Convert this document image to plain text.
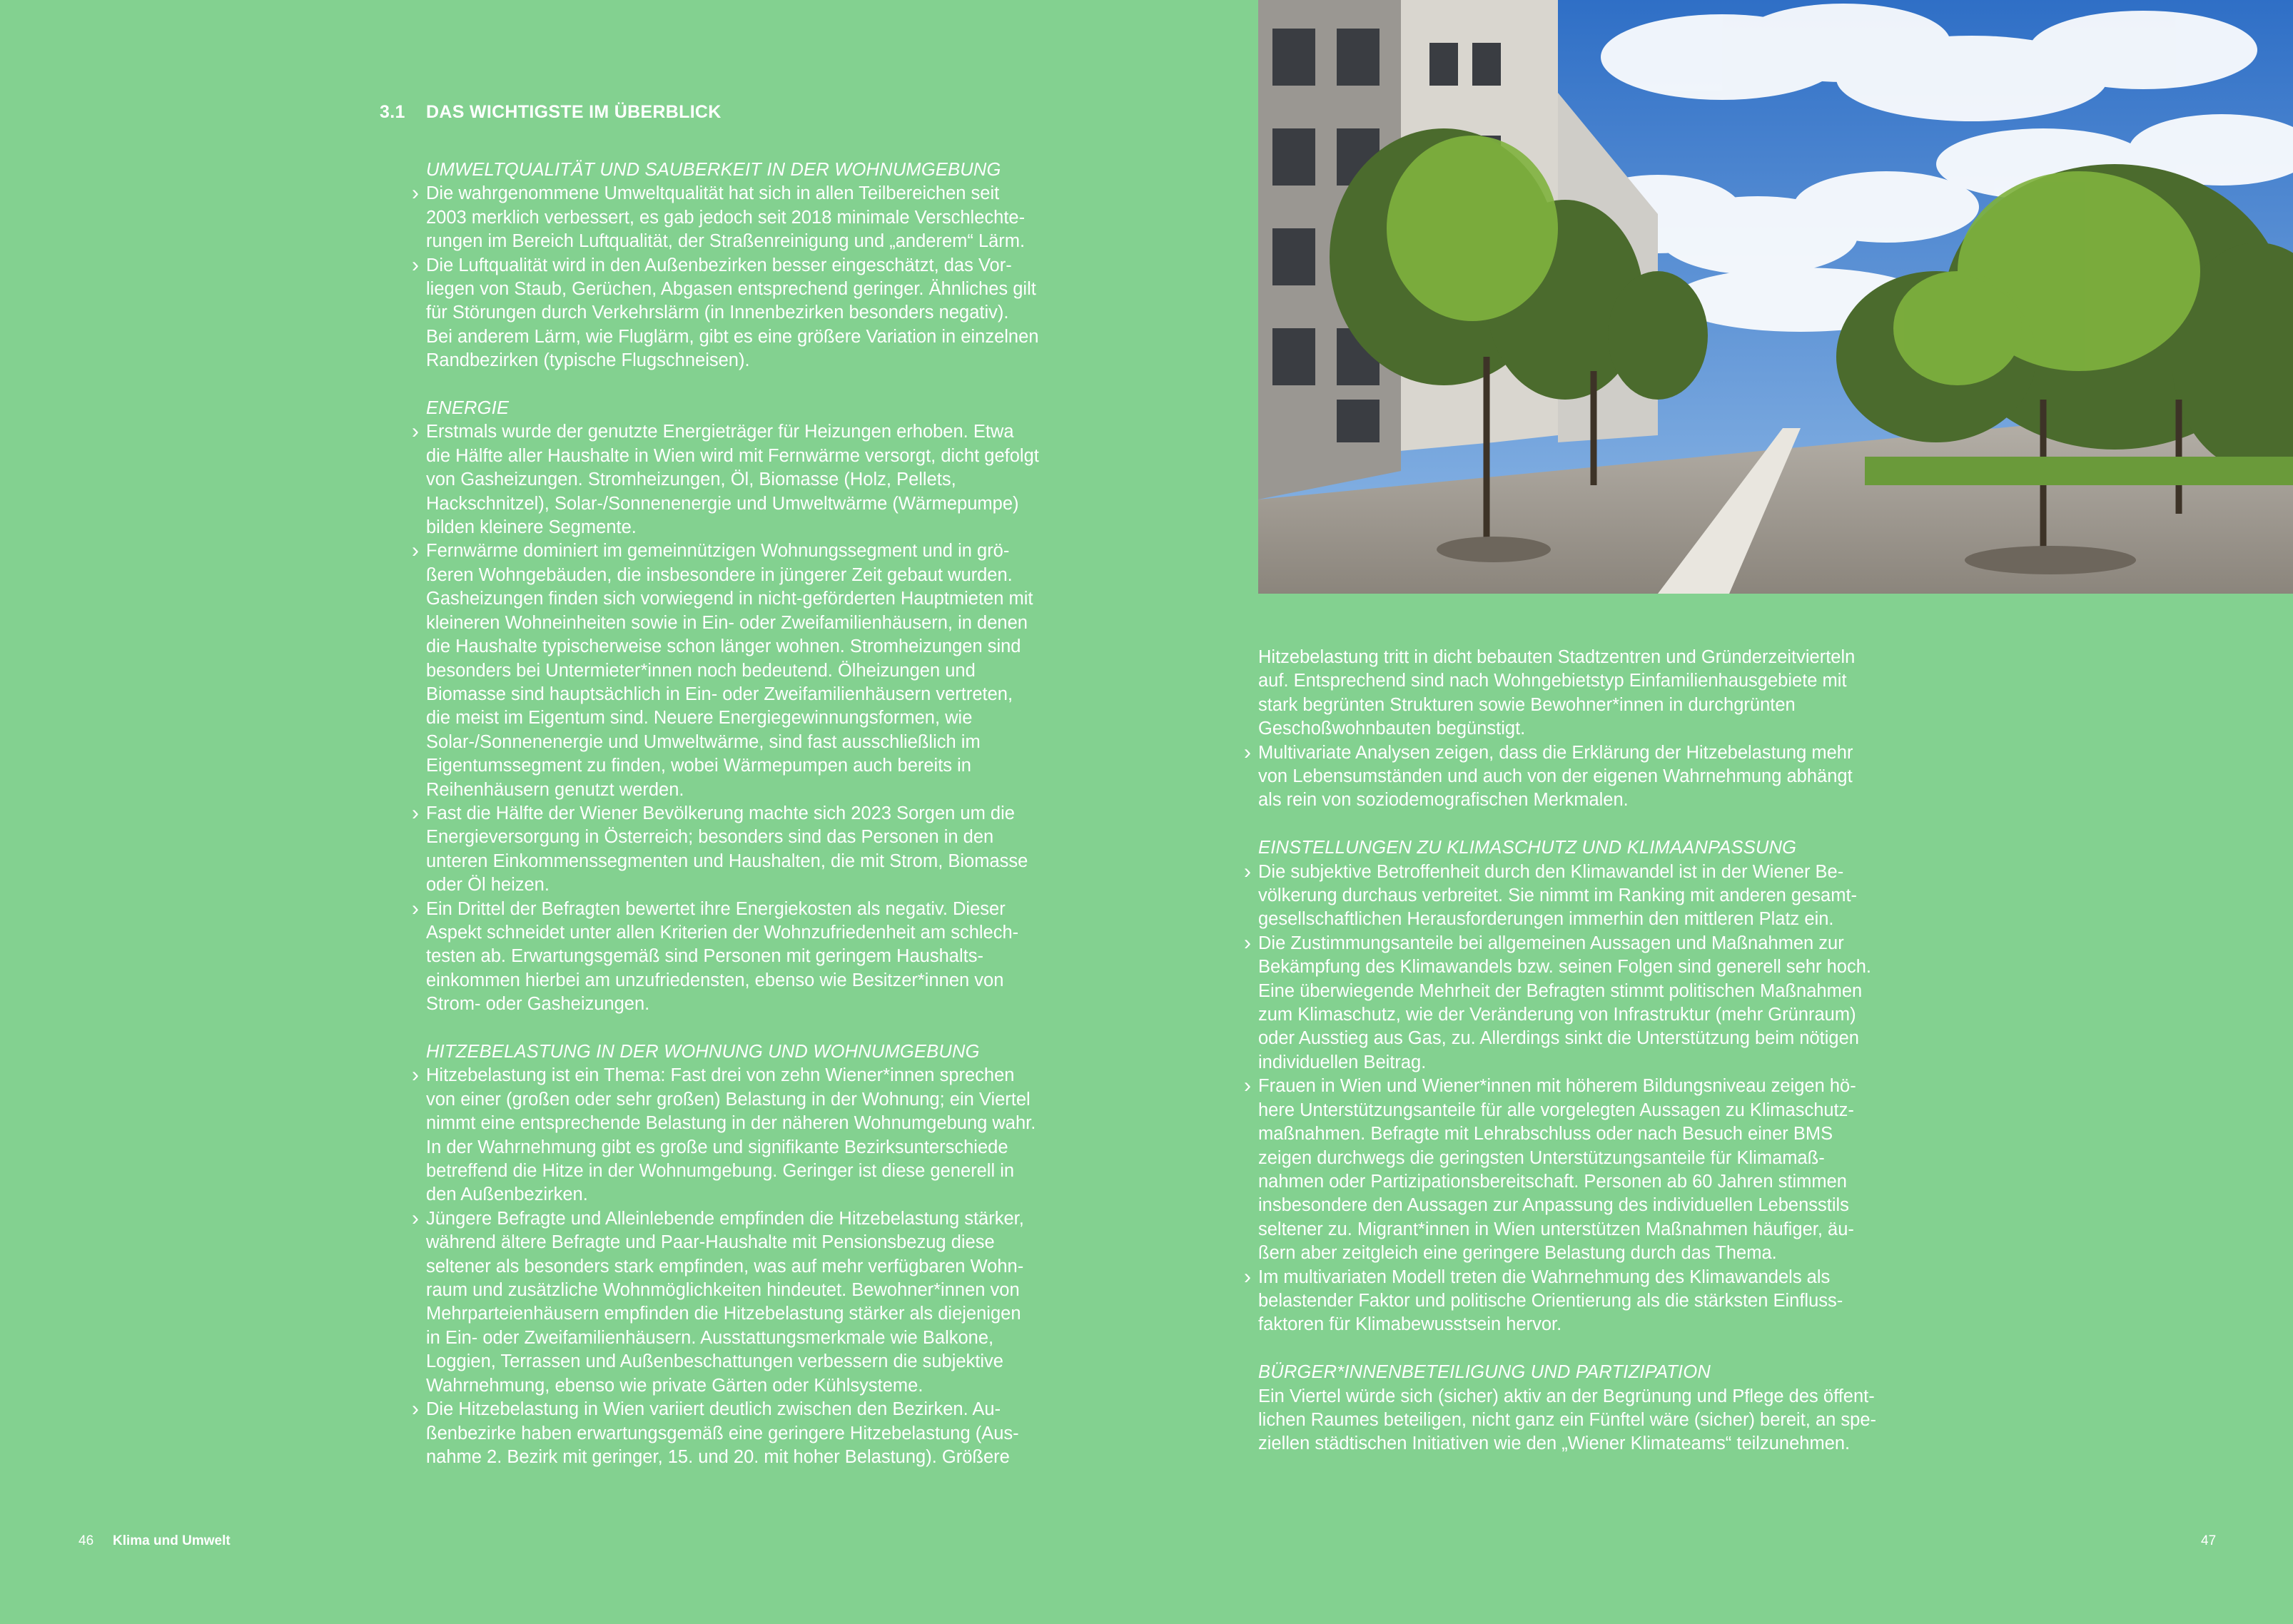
3.1 DAS WICHTIGSTE IM ÜBERBLICK
UMWELTQUALITÄT UND SAUBERKEIT IN DER WOHNUMGEBUNG
› Die wahrgenommene Umweltqualität hat sich in allen Teilbereichen seit 2003 merklich verbessert, es gab jedoch seit 2018 minimale Verschlechterungen im Bereich Luftqualität, der Straßenreinigung und „anderem“ Lärm.
› Die Luftqualität wird in den Außenbezirken besser eingeschätzt, das Vorliegen von Staub, Gerüchen, Abgasen entsprechend geringer. Ähnliches gilt für Störungen durch Verkehrslärm (in Innenbezirken besonders negativ). Bei anderem Lärm, wie Fluglärm, gibt es eine größere Variation in einzelnen Randbezirken (typische Flugschneisen).
ENERGIE
› Erstmals wurde der genutzte Energieträger für Heizungen erhoben. Etwa die Hälfte aller Haushalte in Wien wird mit Fernwärme versorgt, dicht gefolgt von Gasheizungen. Stromheizungen, Öl, Biomasse (Holz, Pellets, Hackschnitzel), Solar-/Sonnenenergie und Umweltwärme (Wärmepumpe) bilden kleinere Segmente.
› Fernwärme dominiert im gemeinnützigen Wohnungssegment und in größeren Wohngebäuden, die insbesondere in jüngerer Zeit gebaut wurden. Gasheizungen finden sich vorwiegend in nicht-geförderten Hauptmieten mit kleineren Wohneinheiten sowie in Ein- oder Zweifamilienhäusern, in denen die Haushalte typischerweise schon länger wohnen. Stromheizungen sind besonders bei Untermieter*innen noch bedeutend. Ölheizungen und Biomasse sind hauptsächlich in Ein- oder Zweifamilienhäusern vertreten, die meist im Eigentum sind. Neuere Energiegewinnungsformen, wie Solar-/Sonnenenergie und Umweltwärme, sind fast ausschließlich im Eigentumssegment zu finden, wobei Wärmepumpen auch bereits in Reihenhäusern genutzt werden.
› Fast die Hälfte der Wiener Bevölkerung machte sich 2023 Sorgen um die Energieversorgung in Österreich; besonders sind das Personen in den unteren Einkommenssegmenten und Haushalten, die mit Strom, Biomasse oder Öl heizen.
› Ein Drittel der Befragten bewertet ihre Energiekosten als negativ. Dieser Aspekt schneidet unter allen Kriterien der Wohnzufriedenheit am schlechtesten ab. Erwartungsgemäß sind Personen mit geringem Haushaltseinkommen hierbei am unzufriedensten, ebenso wie Besitzer*innen von Strom- oder Gasheizungen.
HITZEBELASTUNG IN DER WOHNUNG UND WOHNUMGEBUNG
› Hitzebelastung ist ein Thema: Fast drei von zehn Wiener*innen sprechen von einer (großen oder sehr großen) Belastung in der Wohnung; ein Viertel nimmt eine entsprechende Belastung in der näheren Wohnumgebung wahr. In der Wahrnehmung gibt es große und signifikante Bezirksunterschiede betreffend die Hitze in der Wohnumgebung. Geringer ist diese generell in den Außenbezirken.
› Jüngere Befragte und Alleinlebende empfinden die Hitzebelastung stärker, während ältere Befragte und Paar-Haushalte mit Pensionsbezug diese seltener als besonders stark empfinden, was auf mehr verfügbaren Wohnraum und zusätzliche Wohnmöglichkeiten hindeutet. Bewohner*innen von Mehrparteienhäusern empfinden die Hitzebelastung stärker als diejenigen in Ein- oder Zweifamilienhäusern. Ausstattungsmerkmale wie Balkone, Loggien, Terrassen und Außenbeschattungen verbessern die subjektive Wahrnehmung, ebenso wie private Gärten oder Kühlsysteme.
› Die Hitzebelastung in Wien variiert deutlich zwischen den Bezirken. Außenbezirke haben erwartungsgemäß eine geringere Hitzebelastung (Ausnahme 2. Bezirk mit geringer, 15. und 20. mit hoher Belastung). Größere

Hitzebelastung tritt in dicht bebauten Stadtzentren und Gründerzeitvierteln auf. Entsprechend sind nach Wohngebietstyp Einfamilienhausgebiete mit stark begrünten Strukturen sowie Bewohner*innen in durchgrünten Geschoßwohnbauten begünstigt.

› Multivariate Analysen zeigen, dass die Erklärung der Hitzebelastung mehr von Lebensumständen und auch von der eigenen Wahrnehmung abhängt als rein von soziodemografischen Merkmalen.
EINSTELLUNGEN ZU KLIMASCHUTZ UND KLIMAANPASSUNG
› Die subjektive Betroffenheit durch den Klimawandel ist in der Wiener Bevölkerung durchaus verbreitet. Sie nimmt im Ranking mit anderen gesamtgesellschaftlichen Herausforderungen immerhin den mittleren Platz ein.
› Die Zustimmungsanteile bei allgemeinen Aussagen und Maßnahmen zur Bekämpfung des Klimawandels bzw. seinen Folgen sind generell sehr hoch. Eine überwiegende Mehrheit der Befragten stimmt politischen Maßnahmen zum Klimaschutz, wie der Veränderung von Infrastruktur (mehr Grünraum) oder Ausstieg aus Gas, zu. Allerdings sinkt die Unterstützung beim nötigen individuellen Beitrag.
› Frauen in Wien und Wiener*innen mit höherem Bildungsniveau zeigen höhere Unterstützungsanteile für alle vorgelegten Aussagen zu Klimaschutzmaßnahmen. Befragte mit Lehrabschluss oder nach Besuch einer BMS zeigen durchwegs die geringsten Unterstützungsanteile für Klimamaßnahmen oder Partizipationsbereitschaft. Personen ab 60 Jahren stimmen insbesondere den Aussagen zur Anpassung des individuellen Lebensstils seltener zu. Migrant*innen in Wien unterstützen Maßnahmen häufiger, äußern aber zeitgleich eine geringere Belastung durch das Thema.
› Im multivariaten Modell treten die Wahrnehmung des Klimawandels als belastender Faktor und politische Orientierung als die stärksten Einflussfaktoren für Klimabewusstsein hervor.
BÜRGER*INNENBETEILIGUNG UND PARTIZIPATION

Ein Viertel würde sich (sicher) aktiv an der Begrünung und Pflege des öffentlichen Raumes beteiligen, nicht ganz ein Fünftel wäre (sicher) bereit, an speziellen städtischen Initiativen wie den „Wiener Klimateams“ teilzunehmen.

46 Klima und Umwelt	47
